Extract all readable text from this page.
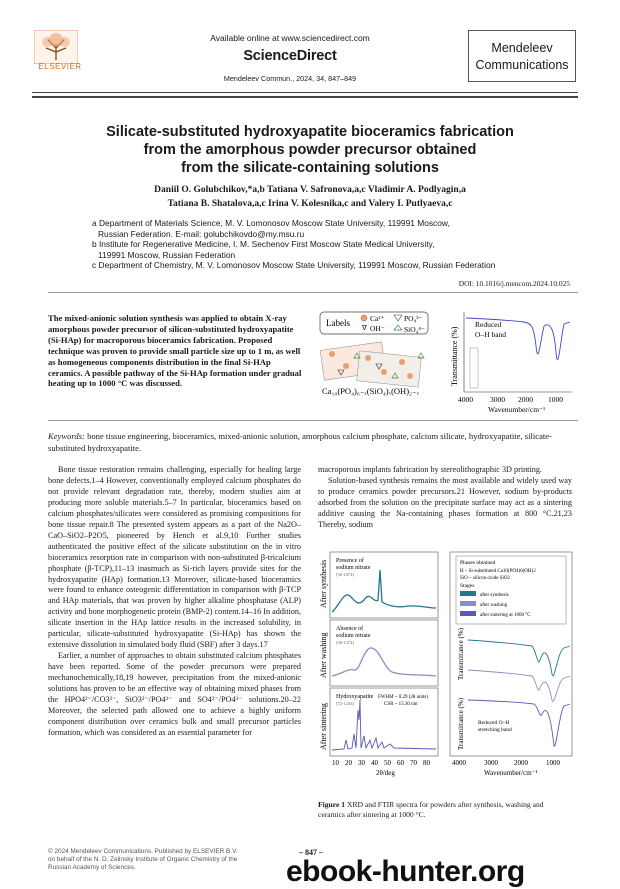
ELSEVIER
Available online at www.sciencedirect.com
ScienceDirect
Mendeleev Commun., 2024, 34, 847–849
Mendeleev
Communications
Silicate-substituted hydroxyapatite bioceramics fabrication
from the amorphous powder precursor obtained
from the silicate-containing solutions
Daniil O. Golubchikov,*a,b Tatiana V. Safronova,a,c Vladimir A. Podlyagin,a
Tatiana B. Shatalova,a,c Irina V. Kolesnika,c and Valery I. Putlyaeva,c
a Department of Materials Science, M. V. Lomonosov Moscow State University, 119991 Moscow,
Russian Federation. E-mail: golubchikovdo@my.msu.ru
b Institute for Regenerative Medicine, I. M. Sechenov First Moscow State Medical University,
119991 Moscow, Russian Federation
c Department of Chemistry, M. V. Lomonosov Moscow State University, 119991 Moscow, Russian Federation
DOI: 10.1016/j.mencom.2024.10.025
The mixed-anionic solution synthesis was applied to obtain X-ray amorphous powder precursor of silicon-substituted hydroxyapatite (Si-HAp) for macroporous bioceramics fabrication. Proposed technique was proven to provide small particle size up to 1 m, as well as homogeneous components distribution in the final Si-HAp ceramics. A possible pathway of the Si-HAp formation under gradual heating up to 1000 °C was discussed.
Labels	Ca²⁺	PO₄³⁻
ᐁ OH⁻	SiO₄⁴⁻
Ca₁₀(PO₄)₆₋ₓ(SiO₄)ₓ(OH)₂₋ₓ
Transmittance (%)
Reduced
O–H band
4000 3000 2000 1000
Wavenumber/cm⁻¹
Keywords: bone tissue engineering, bioceramics, mixed-anionic solution, amorphous calcium phosphate, calcium silicate, hydroxyapatite, silicate-substituted hydroxyapatite.

Bone tissue restoration remains challenging, especially for healing large bone defects.1–4 However, conventionally employed calcium phosphates do not provide relevant degradation rate, thereby, modern studies aim at producing more soluble materials.5–7 In particular, bioceramics based on calcium phosphates/silicates were considered as promising compositions for bone tissue repair.8 The presented system appears as a part of the Na2O–CaO–SiO2–P2O5, pioneered by Hench et al.9,10 Further studies authenticated the positive effect of the silicate substitution on the in vitro bioceramics resorption rate in comparison with non-substituted β-tricalcium phosphate (β-TCP),11–13 inasmuch as Si-rich layers provide sites for the hydroxyapatite (HAp) formation.13 Moreover, silicate-based bioceramics were found to enhance osteogenic differentiation in comparison with β-TCP and HAp materials, that was proven by higher alkaline phosphatase (ALP) activity and bone morphogenetic protein (BMP-2) content.14–16 In addition, silicate insertion in the HAp lattice results in the increased solubility, in particular, silicate-substituted hydroxyapatite (Si-HAp) has shown the extensive dissolution in simulated body fluid (SBF) after 3 days.17

Earlier, a number of approaches to obtain substituted calcium phosphates have been reported. Some of the powder precursors were prepared mechanochemically,18,19 however, precipitation from the mixed-anionic solutions has proven to be an effective way of obtaining mixed phases from the HPO4²⁻/CO3²⁻, SiO3²⁻/PO4³⁻ and SO4²⁻/PO4³⁻ solutions.20–22 Moreover, the selected path allowed one to achieve a highly uniform component distribution over ceramics bulk and small precursor particles formation, which was considered as an essential parameter for

macroporous implants fabrication by stereolithographic 3D printing.

Solution-based synthesis remains the most available and widely used way to produce ceramics powder precursors.21 However, sodium by-products adsorbed from the solution on the precipitate surface may act as a sintering additive causing the Na-containing phases formation at 800 °C.21,23 Thereby, sodium

After synthesis
After washing
After sintering
Presence of
sodium nitrate
[36-1474]
Absence of
sodium nitrate
[36-1474]
Hydroxyapatite
[72-1243]
FWHM ~ 0.29 (2θ units)
CSR ~ 15.30 nm
10 20 30 40 50 60 70 80
2θ/deg
Phases obtained
H – Si-substituted Ca10(PO4)6(OH)2
SiO – silicon oxide SiO2
Stages
after synthesis
after washing
after sintering at 1000 °C
Transmittance (%)
Transmittance (%) Reduced O–H
stretching band
4000	3000 2000	1000
Wavenumber/cm⁻¹
Figure 1 XRD and FTIR spectra for powders after synthesis, washing and ceramics after sintering at 1000 °C.
© 2024 Mendeleev Communications. Published by ELSEVIER B.V.
on behalf of the N. D. Zelinsky Institute of Organic Chemistry of the
Russian Academy of Sciences.
– 847 –
ebook-hunter.org
